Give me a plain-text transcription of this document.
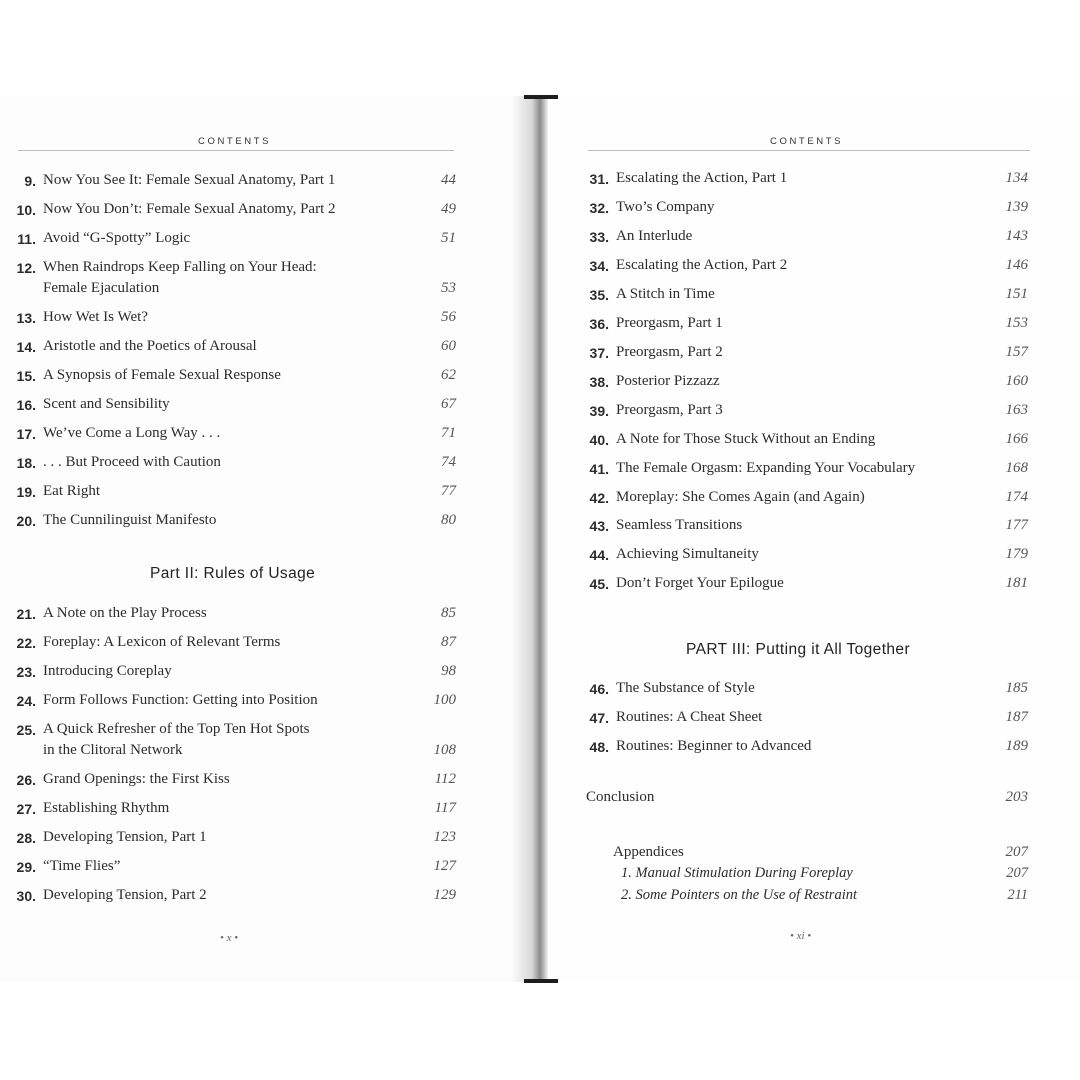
CONTENTS
9. Now You See It: Female Sexual Anatomy, Part 1	44
10. Now You Don’t: Female Sexual Anatomy, Part 2	49
11. Avoid “G-Spotty” Logic	51
12. When Raindrops Keep Falling on Your Head:
Female Ejaculation	53
13. How Wet Is Wet?	56
14. Aristotle and the Poetics of Arousal	60
15. A Synopsis of Female Sexual Response	62
16. Scent and Sensibility	67
17. We’ve Come a Long Way . . .	71
18. . . . But Proceed with Caution	74
19. Eat Right	77
20. The Cunnilinguist Manifesto	80
Part II: Rules of Usage
21. A Note on the Play Process	85
22. Foreplay: A Lexicon of Relevant Terms	87
23. Introducing Coreplay	98
24. Form Follows Function: Getting into Position	100
25. A Quick Refresher of the Top Ten Hot Spots
in the Clitoral Network	108
26. Grand Openings: the First Kiss	112
27. Establishing Rhythm	117
28. Developing Tension, Part 1	123
29. “Time Flies”	127
30. Developing Tension, Part 2	129
• x •
CONTENTS
31. Escalating the Action, Part 1	134
32. Two’s Company	139
33. An Interlude	143
34. Escalating the Action, Part 2	146
35. A Stitch in Time	151
36. Preorgasm, Part 1	153
37. Preorgasm, Part 2	157
38. Posterior Pizzazz	160
39. Preorgasm, Part 3	163
40. A Note for Those Stuck Without an Ending	166
41. The Female Orgasm: Expanding Your Vocabulary	168
42. Moreplay: She Comes Again (and Again)	174
43. Seamless Transitions	177
44. Achieving Simultaneity	179
45. Don’t Forget Your Epilogue	181
PART III: Putting it All Together
46. The Substance of Style	185
47. Routines: A Cheat Sheet	187
48. Routines: Beginner to Advanced	189
Conclusion	203
Appendices	207
1. Manual Stimulation During Foreplay	207
2. Some Pointers on the Use of Restraint	211
• xi •
